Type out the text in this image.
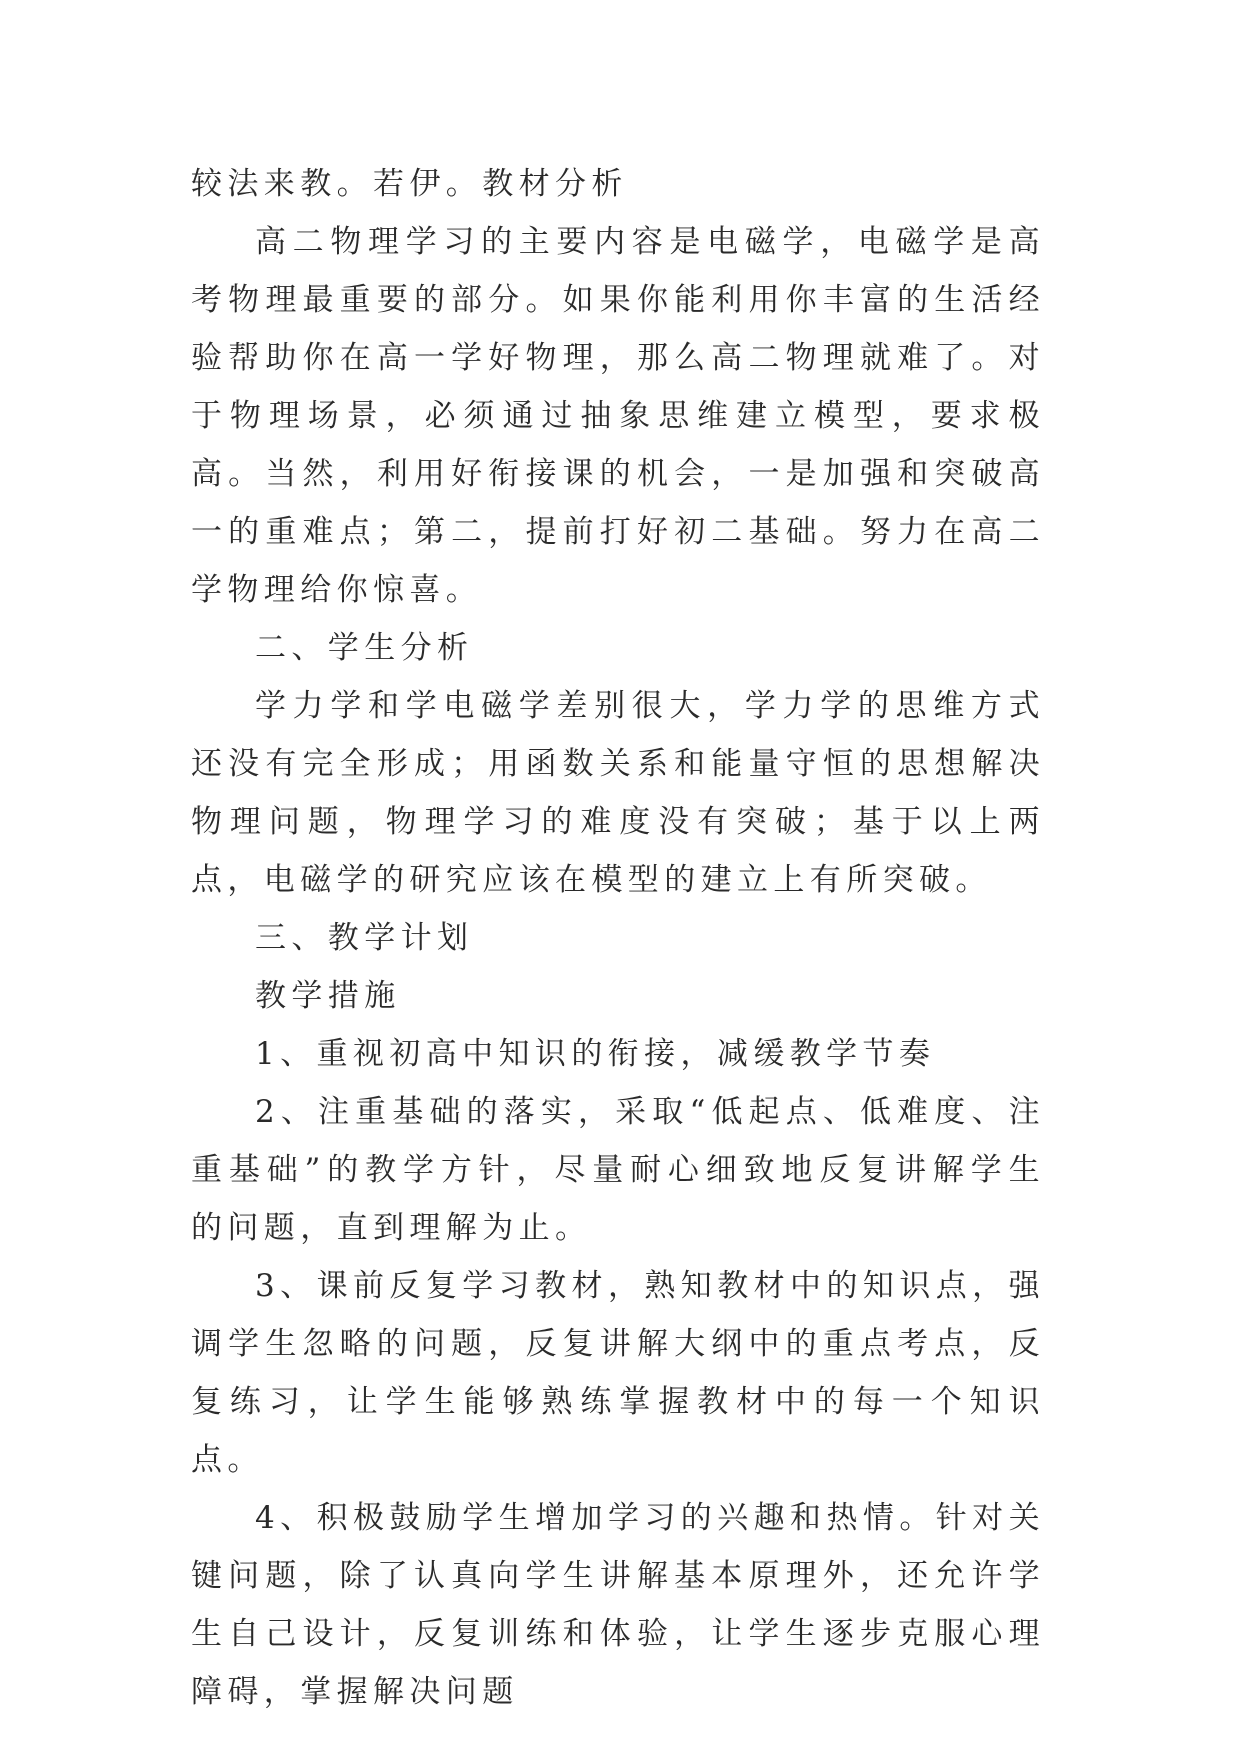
较法来教。若伊。教材分析

高二物理学习的主要内容是电磁学，电磁学是高考物理最重要的部分。如果你能利用你丰富的生活经验帮助你在高一学好物理，那么高二物理就难了。对于物理场景，必须通过抽象思维建立模型，要求极高。当然，利用好衔接课的机会，一是加强和突破高一的重难点；第二，提前打好初二基础。努力在高二学物理给你惊喜。

二、学生分析

学力学和学电磁学差别很大，学力学的思维方式还没有完全形成；用函数关系和能量守恒的思想解决物理问题，物理学习的难度没有突破；基于以上两点，电磁学的研究应该在模型的建立上有所突破。

三、教学计划

教学措施

1、重视初高中知识的衔接，减缓教学节奏

2、注重基础的落实，采取“低起点、低难度、注重基础”的教学方针，尽量耐心细致地反复讲解学生的问题，直到理解为止。

3、课前反复学习教材，熟知教材中的知识点，强调学生忽略的问题，反复讲解大纲中的重点考点，反复练习，让学生能够熟练掌握教材中的每一个知识点。

4、积极鼓励学生增加学习的兴趣和热情。针对关键问题，除了认真向学生讲解基本原理外，还允许学生自己设计，反复训练和体验，让学生逐步克服心理障碍，掌握解决问题
